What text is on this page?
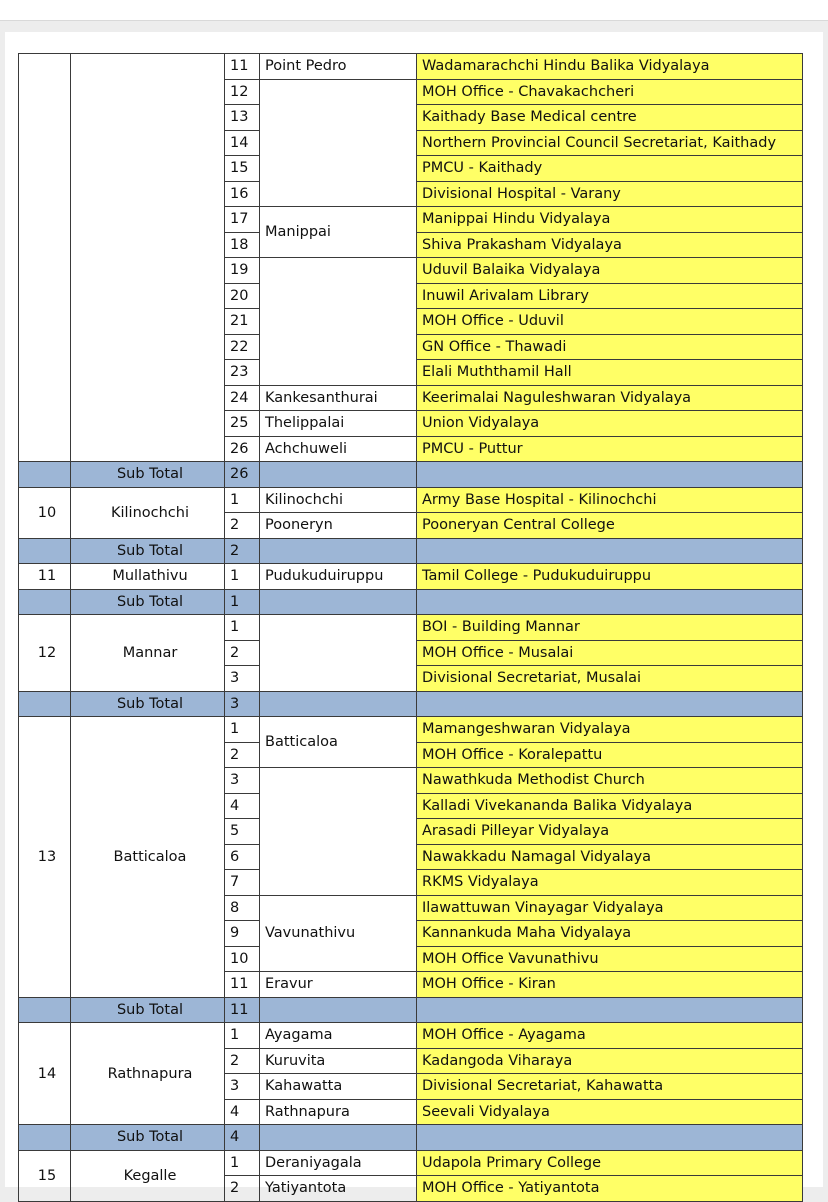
		11	Point Pedro	Wadamarachchi Hindu Balika Vidyalaya
		12		MOH Office - Chavakachcheri
		13		Kaithady Base Medical centre
		14		Northern Provincial Council Secretariat, Kaithady
		15		PMCU - Kaithady
		16		Divisional Hospital - Varany
		17	Manippai	Manippai Hindu Vidyalaya
		18		Shiva Prakasham Vidyalaya
		19		Uduvil Balaika Vidyalaya
		20		Inuwil Arivalam Library
		21		MOH Office - Uduvil
		22		GN Office - Thawadi
		23		Elali Muththamil Hall
		24	Kankesanthurai	Keerimalai Naguleshwaran Vidyalaya
		25	Thelippalai	Union Vidyalaya
		26	Achchuweli	PMCU - Puttur
	Sub Total	26		
10	Kilinochchi	1	Kilinochchi	Army Base Hospital - Kilinochchi
		2	Pooneryn	Pooneryan Central College
	Sub Total	2		
11	Mullathivu	1	Pudukuduiruppu	Tamil College - Pudukuduiruppu
	Sub Total	1		
12	Mannar	1		BOI - Building Mannar
		2		MOH Office - Musalai
		3		Divisional Secretariat, Musalai
	Sub Total	3		
13	Batticaloa	1	Batticaloa	Mamangeshwaran Vidyalaya
		2		MOH Office - Koralepattu
		3		Nawathkuda Methodist Church
		4		Kalladi Vivekananda Balika Vidyalaya
		5		Arasadi Pilleyar Vidyalaya
		6		Nawakkadu Namagal Vidyalaya
		7		RKMS Vidyalaya
		8	Vavunathivu	Ilawattuwan Vinayagar Vidyalaya
		9		Kannankuda Maha Vidyalaya
		10		MOH Office Vavunathivu
		11	Eravur	MOH Office - Kiran
	Sub Total	11		
14	Rathnapura	1	Ayagama	MOH Office - Ayagama
		2	Kuruvita	Kadangoda Viharaya
		3	Kahawatta	Divisional Secretariat, Kahawatta
		4	Rathnapura	Seevali Vidyalaya
	Sub Total	4		
15	Kegalle	1	Deraniyagala	Udapola Primary College
		2	Yatiyantota	MOH Office - Yatiyantota
